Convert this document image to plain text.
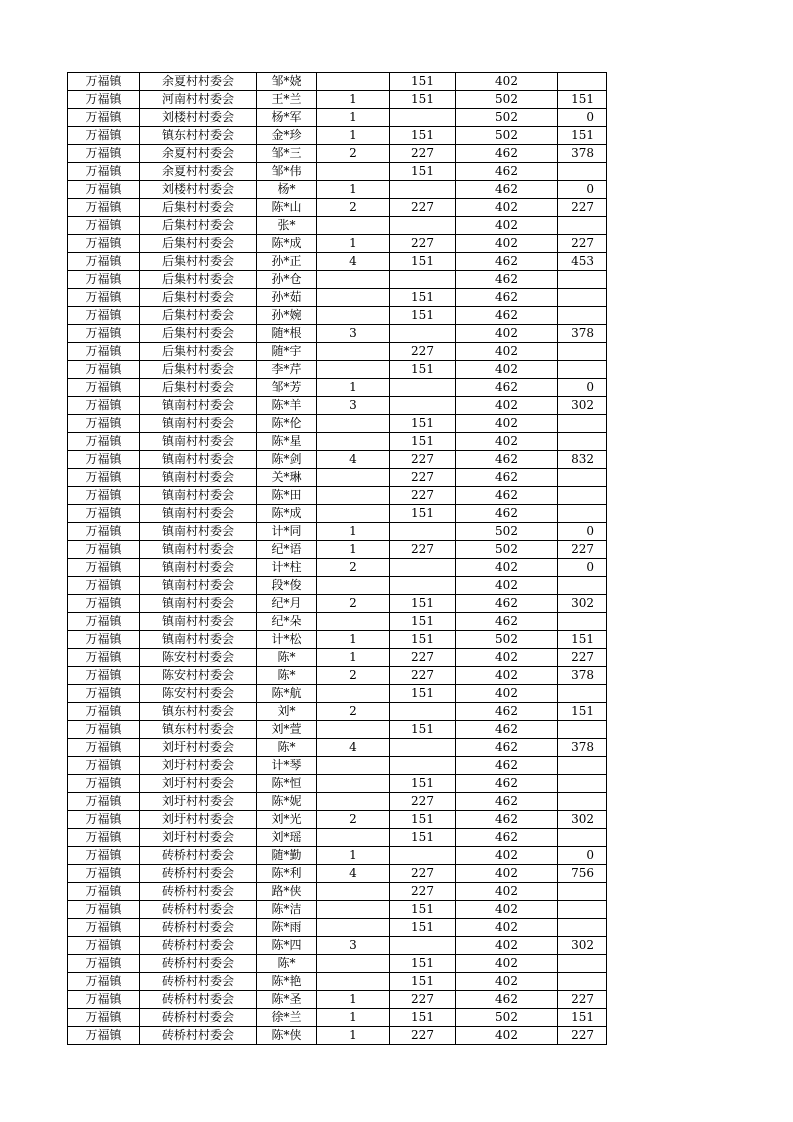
万福镇	余夏村村委会	邹*娆		151	402	
万福镇	河南村村委会	王*兰	1	151	502	151
万福镇	刘楼村村委会	杨*军	1		502	0
万福镇	镇东村村委会	金*珍	1	151	502	151
万福镇	余夏村村委会	邹*三	2	227	462	378
万福镇	余夏村村委会	邹*伟		151	462	
万福镇	刘楼村村委会	杨*	1		462	0
万福镇	后集村村委会	陈*山	2	227	402	227
万福镇	后集村村委会	张*			402	
万福镇	后集村村委会	陈*成	1	227	402	227
万福镇	后集村村委会	孙*正	4	151	462	453
万福镇	后集村村委会	孙*仓			462	
万福镇	后集村村委会	孙*茹		151	462	
万福镇	后集村村委会	孙*婉		151	462	
万福镇	后集村村委会	随*根	3		402	378
万福镇	后集村村委会	随*宇		227	402	
万福镇	后集村村委会	李*芹		151	402	
万福镇	后集村村委会	邹*芳	1		462	0
万福镇	镇南村村委会	陈*羊	3		402	302
万福镇	镇南村村委会	陈*伦		151	402	
万福镇	镇南村村委会	陈*星		151	402	
万福镇	镇南村村委会	陈*剑	4	227	462	832
万福镇	镇南村村委会	关*琳		227	462	
万福镇	镇南村村委会	陈*田		227	462	
万福镇	镇南村村委会	陈*成		151	462	
万福镇	镇南村村委会	计*同	1		502	0
万福镇	镇南村村委会	纪*语	1	227	502	227
万福镇	镇南村村委会	计*柱	2		402	0
万福镇	镇南村村委会	段*俊			402	
万福镇	镇南村村委会	纪*月	2	151	462	302
万福镇	镇南村村委会	纪*朵		151	462	
万福镇	镇南村村委会	计*松	1	151	502	151
万福镇	陈安村村委会	陈*	1	227	402	227
万福镇	陈安村村委会	陈*	2	227	402	378
万福镇	陈安村村委会	陈*航		151	402	
万福镇	镇东村村委会	刘*	2		462	151
万福镇	镇东村村委会	刘*萱		151	462	
万福镇	刘圩村村委会	陈*	4		462	378
万福镇	刘圩村村委会	计*琴			462	
万福镇	刘圩村村委会	陈*恒		151	462	
万福镇	刘圩村村委会	陈*妮		227	462	
万福镇	刘圩村村委会	刘*光	2	151	462	302
万福镇	刘圩村村委会	刘*瑶		151	462	
万福镇	砖桥村村委会	随*勤	1		402	0
万福镇	砖桥村村委会	陈*利	4	227	402	756
万福镇	砖桥村村委会	路*侠		227	402	
万福镇	砖桥村村委会	陈*洁		151	402	
万福镇	砖桥村村委会	陈*雨		151	402	
万福镇	砖桥村村委会	陈*四	3		402	302
万福镇	砖桥村村委会	陈*		151	402	
万福镇	砖桥村村委会	陈*艳		151	402	
万福镇	砖桥村村委会	陈*圣	1	227	462	227
万福镇	砖桥村村委会	徐*兰	1	151	502	151
万福镇	砖桥村村委会	陈*侠	1	227	402	227
